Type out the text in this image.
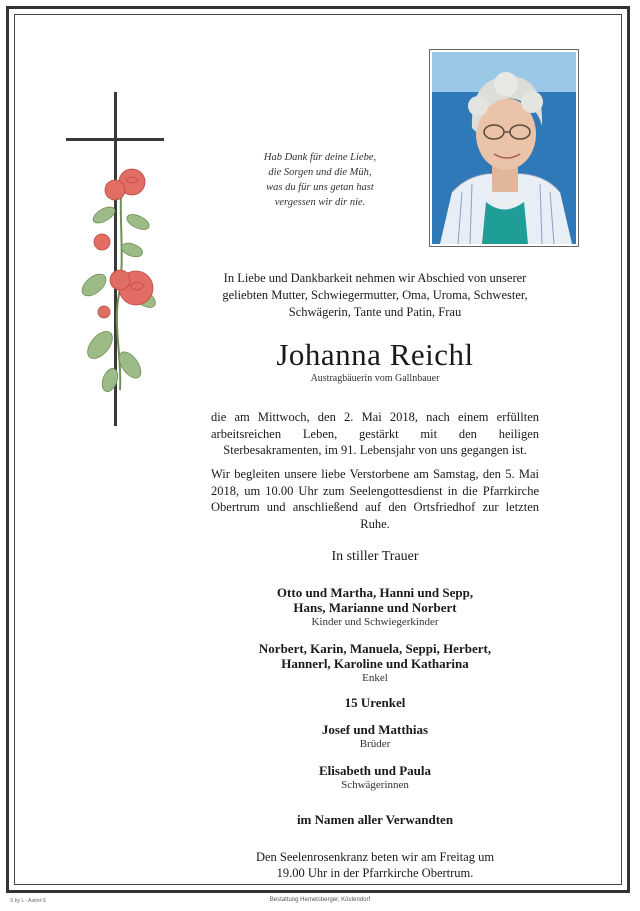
Hab Dank für deine Liebe,
die Sorgen und die Müh,
was du für uns getan hast
vergessen wir dir nie.
In Liebe und Dankbarkeit nehmen wir Abschied von unserer
geliebten Mutter, Schwiegermutter, Oma, Uroma, Schwester,
Schwägerin, Tante und Patin, Frau
Johanna Reichl
Austragbäuerin vom Gallnbauer
die am Mittwoch, den 2. Mai 2018, nach einem erfüllten arbeitsreichen Leben, gestärkt mit den heiligen Sterbesakramenten, im 91. Lebensjahr von uns gegangen ist.
Wir begleiten unsere liebe Verstorbene am Samstag, den 5. Mai 2018, um 10.00 Uhr zum Seelengottesdienst in die Pfarrkirche Obertrum und anschließend auf den Ortsfriedhof zur letzten Ruhe.
In stiller Trauer
Otto und Martha, Hanni und Sepp,
Hans, Marianne und Norbert
Kinder und Schwiegerkinder
Norbert, Karin, Manuela, Seppi, Herbert,
Hannerl, Karoline und Katharina
Enkel
15 Urenkel
Josef und Matthias
Brüder
Elisabeth und Paula
Schwägerinnen
im Namen aller Verwandten
Den Seelenrosenkranz beten wir am Freitag um
19.00 Uhr in der Pfarrkirche Obertrum.
S by L - Astrid-S	Bestattung Hemetsberger, Köstendorf
